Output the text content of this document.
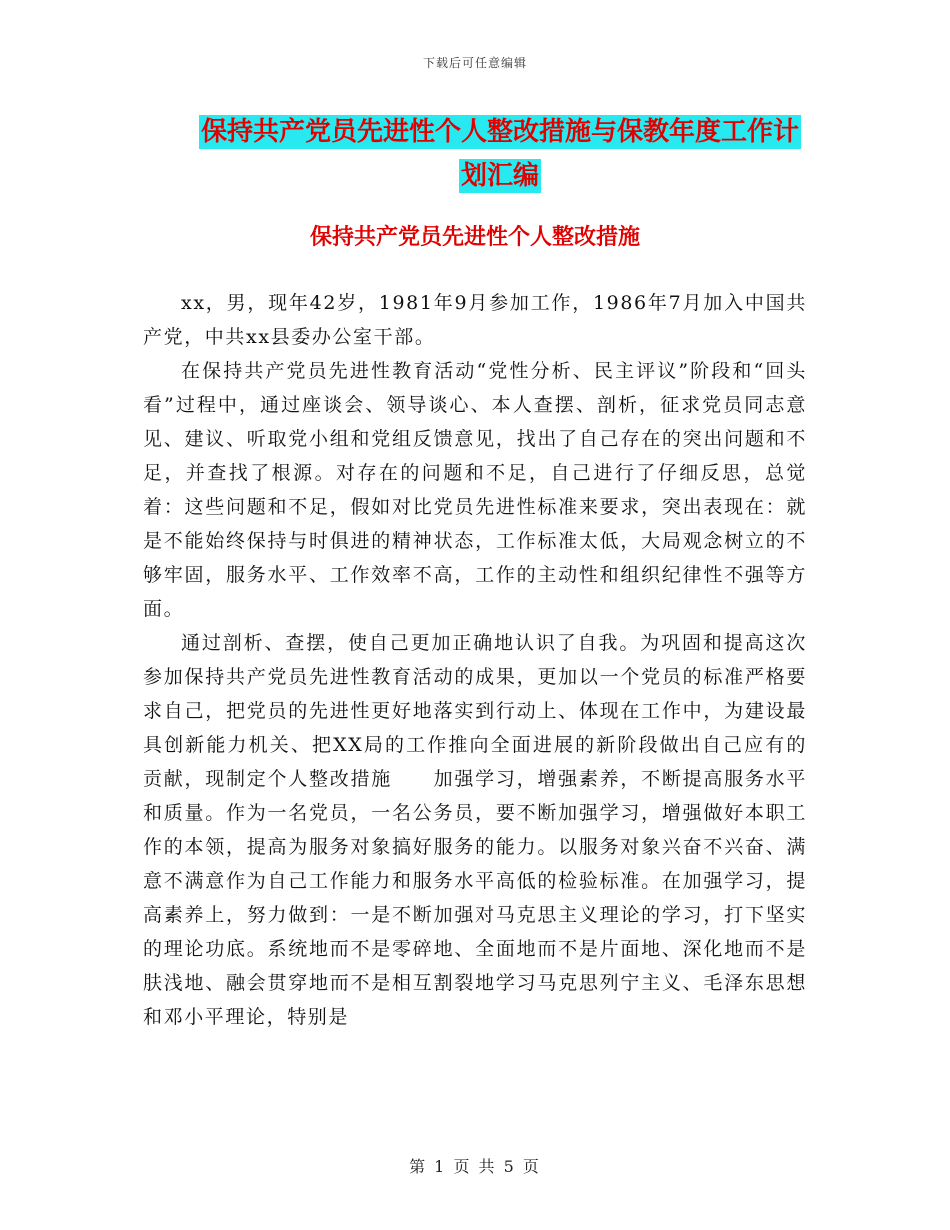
下载后可任意编辑
保持共产党员先进性个人整改措施与保教年度工作计
划汇编
保持共产党员先进性个人整改措施

xx，男，现年42岁，1981年9月参加工作，1986年7月加入中国共产党，中共xx县委办公室干部。

在保持共产党员先进性教育活动“党性分析、民主评议”阶段和“回头看”过程中，通过座谈会、领导谈心、本人查摆、剖析，征求党员同志意见、建议、听取党小组和党组反馈意见，找出了自己存在的突出问题和不足，并查找了根源。对存在的问题和不足，自己进行了仔细反思，总觉着：这些问题和不足，假如对比党员先进性标准来要求，突出表现在：就是不能始终保持与时俱进的精神状态，工作标准太低，大局观念树立的不够牢固，服务水平、工作效率不高，工作的主动性和组织纪律性不强等方面。

通过剖析、查摆，使自己更加正确地认识了自我。为巩固和提高这次参加保持共产党员先进性教育活动的成果，更加以一个党员的标准严格要求自己，把党员的先进性更好地落实到行动上、体现在工作中，为建设最具创新能力机关、把XX局的工作推向全面进展的新阶段做出自己应有的贡献，现制定个人整改措施　　加强学习，增强素养，不断提高服务水平和质量。作为一名党员，一名公务员，要不断加强学习，增强做好本职工作的本领，提高为服务对象搞好服务的能力。以服务对象兴奋不兴奋、满意不满意作为自己工作能力和服务水平高低的检验标准。在加强学习，提高素养上，努力做到：一是不断加强对马克思主义理论的学习，打下坚实的理论功底。系统地而不是零碎地、全面地而不是片面地、深化地而不是肤浅地、融会贯穿地而不是相互割裂地学习马克思列宁主义、毛泽东思想和邓小平理论，特别是

第 1 页 共 5 页
